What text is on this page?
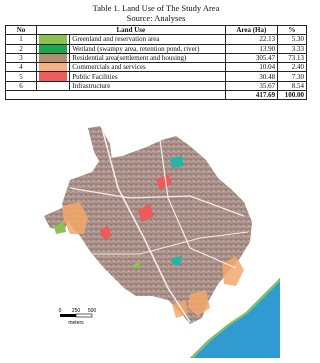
Table 1. Land Use of The Study Area
Source: Analyses
No	Land Use		Area (Ha)	%
1		Greenland and reservation area	22.13	5.30
2		Wetland (swampy area, retention pond, river)	13.90	3.33
3		Residential area(settlement and housing)	305.47	73.13
4		Commercials and services	10.04	2.40
5		Public Facilities	30.48	7.30
6		Infrastructure	35.67	8.54
			417.69	100.00
0 250 500
meters
